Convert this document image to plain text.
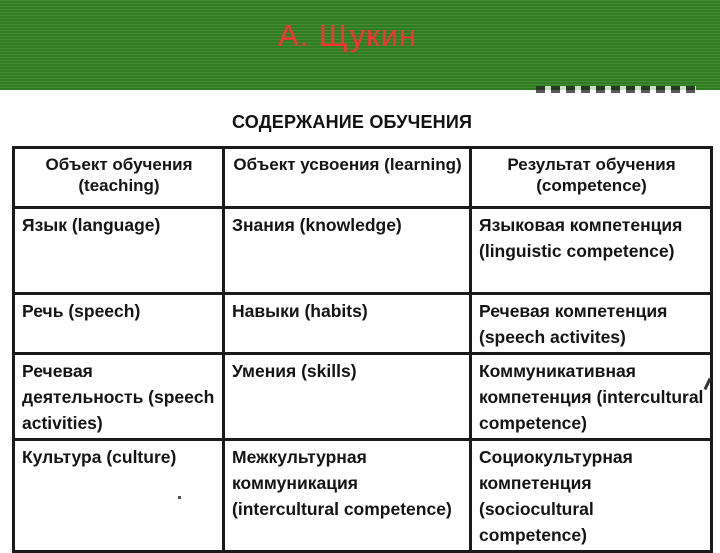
А. Щукин
СОДЕРЖАНИЕ ОБУЧЕНИЯ
Объект обучения (teaching)	Объект усвоения (learning)	Результат обучения (competence)
Язык (language)	Знания (knowledge)	Языковая компетенция (linguistic competence)
Речь (speech)	Навыки (habits)	Речевая компетенция (speech activites)
Речевая деятельность (speech activities)	Умения (skills)	Коммуникативная компетенция (intercultural competence)
Культура (culture)	Межкультурная коммуникация (intercultural competence)	Социокультурная компетенция (sociocultural competence)
